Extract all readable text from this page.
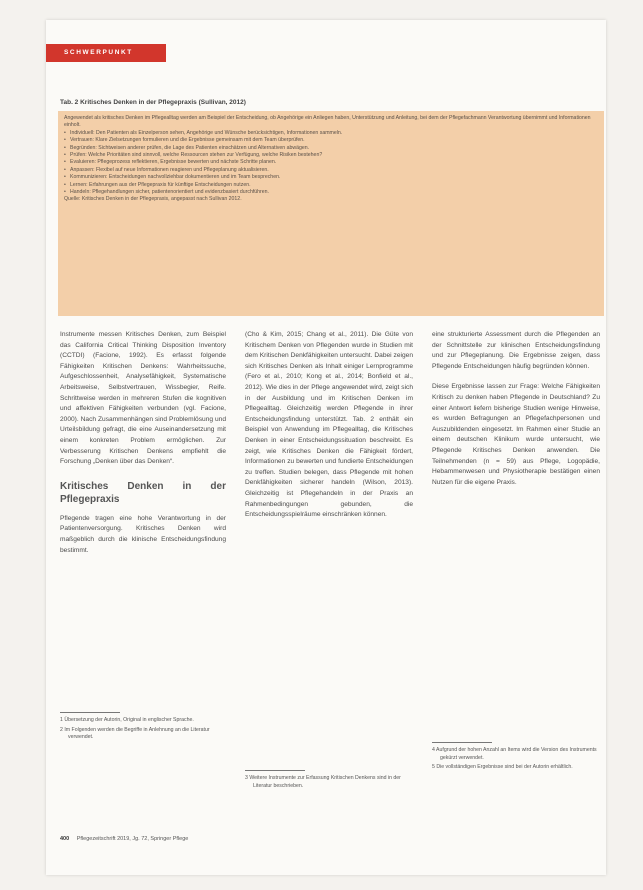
SCHWERPUNKT
Tab. 2 Kritisches Denken in der Pflegepraxis (Sullivan, 2012)
Angewendet als kritisches Denken im Pflegealltag werden am Beispiel der Entscheidung, ob Angehörige ein Anliegen haben, Unterstützung und Anleitung, bei dem der Pflegefachmann Verantwortung übernimmt und Informationen einholt.
• Individuell: Den Patienten als Einzelperson sehen, Angehörige und Wünsche berücksichtigen, Informationen sammeln.
• Vertrauen: Klare Zielsetzungen formulieren und die Ergebnisse gemeinsam mit dem Team überprüfen.
• Begründen: Sichtweisen anderer prüfen, die Lage des Patienten einschätzen und Alternativen abwägen.
• Prüfen: Welche Prioritäten sind sinnvoll, welche Ressourcen stehen zur Verfügung, welche Risiken bestehen?
• Evaluieren: Pflegeprozess reflektieren, Ergebnisse bewerten und nächste Schritte planen.
• Anpassen: Flexibel auf neue Informationen reagieren und Pflegeplanung aktualisieren.
• Kommunizieren: Entscheidungen nachvollziehbar dokumentieren und im Team besprechen.
• Lernen: Erfahrungen aus der Pflegepraxis für künftige Entscheidungen nutzen.
• Handeln: Pflegehandlungen sicher, patientenorientiert und evidenzbasiert durchführen.
Quelle: Kritisches Denken in der Pflegepraxis, angepasst nach Sullivan 2012.

Instrumente messen Kritisches Denken, zum Beispiel das California Critical Thinking Disposition Inventory (CCTDI) (Facione, 1992). Es erfasst folgende Fähigkeiten Kritischen Denkens: Wahrheitssuche, Aufgeschlossenheit, Analysefähigkeit, Systematische Arbeitsweise, Selbstvertrauen, Wissbegier, Reife. Schrittweise werden in mehreren Stufen die kognitiven und affektiven Fähigkeiten verbunden (vgl. Facione, 2000). Nach Zusammenhängen sind Problemlösung und Urteilsbildung gefragt, die eine Auseinandersetzung mit einem konkreten Problem ermöglichen. Zur Verbesserung Kritischen Denkens empfiehlt die Forschung „Denken über das Denken“.

Kritisches Denken in der Pflegepraxis

Pflegende tragen eine hohe Verantwortung in der Patientenversorgung. Kritisches Denken wird maßgeblich durch die klinische Entscheidungsfindung bestimmt.

(Cho & Kim, 2015; Chang et al., 2011). Die Güte von Kritischem Denken von Pflegenden wurde in Studien mit dem Kritischen Denkfähigkeiten untersucht. Dabei zeigen sich Kritisches Denken als Inhalt einiger Lernprogramme (Fero et al., 2010; Kong et al., 2014; Bonfield et al., 2012). Wie dies in der Pflege angewendet wird, zeigt sich in der Ausbildung und im Kritischen Denken im Pflegealltag. Gleichzeitig werden Pflegende in ihrer Entscheidungsfindung unterstützt. Tab. 2 enthält ein Beispiel von Anwendung im Pflegealltag, die Kritisches Denken in einer Entscheidungssituation beschreibt. Es zeigt, wie Kritisches Denken die Fähigkeit fördert, Informationen zu bewerten und fundierte Entscheidungen zu treffen. Studien belegen, dass Pflegende mit hohen Denkfähigkeiten sicherer handeln (Wilson, 2013). Gleichzeitig ist Pflegehandeln in der Praxis an Rahmenbedingungen gebunden, die Entscheidungsspielräume einschränken können.

eine strukturierte Assessment durch die Pflegenden an der Schnittstelle zur klinischen Entscheidungsfindung und zur Pflegeplanung. Die Ergebnisse zeigen, dass Pflegende Entscheidungen häufig begründen können.

Diese Ergebnisse lassen zur Frage: Welche Fähigkeiten Kritisch zu denken haben Pflegende in Deutschland? Zu einer Antwort liefern bisherige Studien wenige Hinweise, es wurden Befragungen an Pflegefachpersonen und Auszubildenden eingesetzt. Im Rahmen einer Studie an einem deutschen Klinikum wurde untersucht, wie Pflegende Kritisches Denken anwenden. Die Teilnehmenden (n = 59) aus Pflege, Logopädie, Hebammenwesen und Physiotherapie bestätigen einen Nutzen für die eigene Praxis.

1 Übersetzung der Autorin, Original in englischer Sprache.

2 Im Folgenden werden die Begriffe in Anlehnung an die Literatur verwendet.

3 Weitere Instrumente zur Erfassung Kritischen Denkens sind in der Literatur beschrieben.

4 Aufgrund der hohen Anzahl an Items wird die Version des Instruments gekürzt verwendet.

5 Die vollständigen Ergebnisse sind bei der Autorin erhältlich.

400 Pflegezeitschrift 2019, Jg. 72, Springer Pflege
